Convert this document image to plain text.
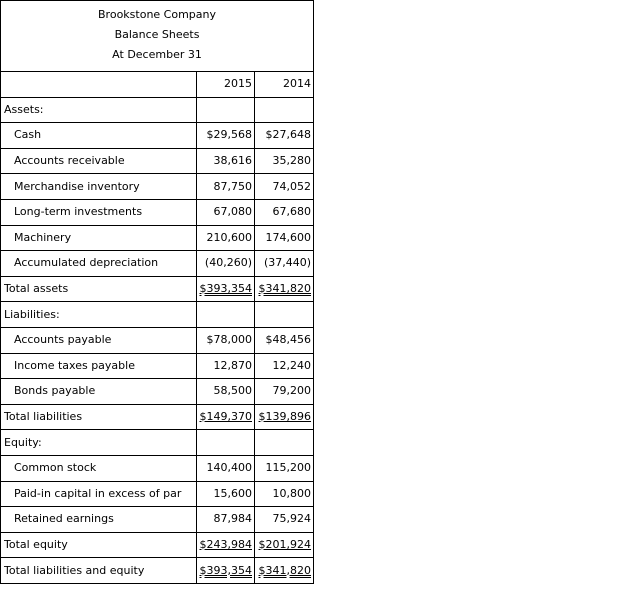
Brookstone Company
Balance Sheets
At December 31		

	2015	2014
Assets:		
Cash	$29,568	$27,648
Accounts receivable	38,616	35,280
Merchandise inventory	87,750	74,052
Long-term investments	67,080	67,680
Machinery	210,600	174,600
Accumulated depreciation	(40,260)	(37,440)
Total assets	$393,354	$341,820
Liabilities:		
Accounts payable	$78,000	$48,456
Income taxes payable	12,870	12,240
Bonds payable	58,500	79,200
Total liabilities	$149,370	$139,896
Equity:		
Common stock	140,400	115,200
Paid-in capital in excess of par	15,600	10,800
Retained earnings	87,984	75,924
Total equity	$243,984	$201,924
Total liabilities and equity	$393,354	$341,820
